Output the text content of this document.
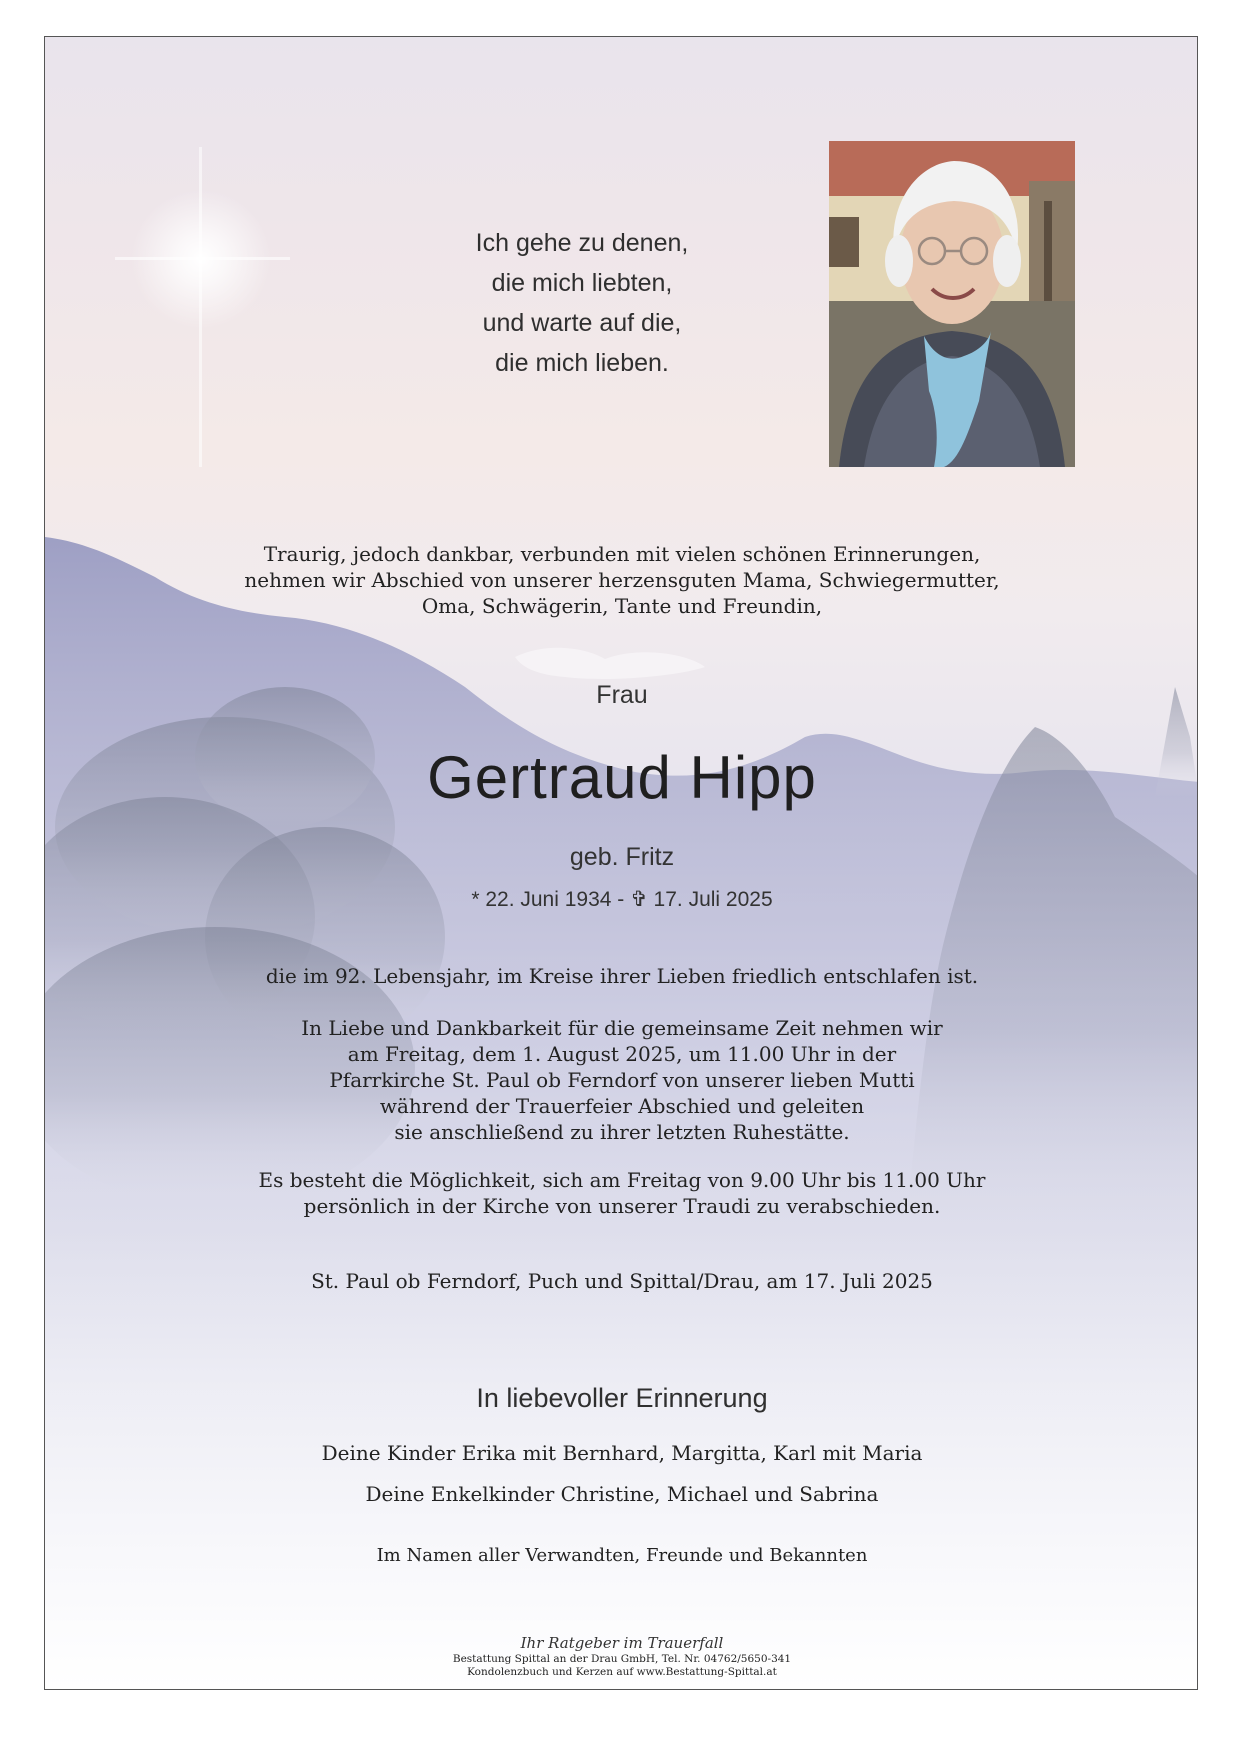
Ich gehe zu denen,
die mich liebten,
und warte auf die,
die mich lieben.
Traurig, jedoch dankbar, verbunden mit vielen schönen Erinnerungen,
nehmen wir Abschied von unserer herzensguten Mama, Schwiegermutter,
Oma, Schwägerin, Tante und Freundin,
Frau
Gertraud Hipp
geb. Fritz
* 22. Juni 1934 - ✞ 17. Juli 2025
die im 92. Lebensjahr, im Kreise ihrer Lieben friedlich entschlafen ist.
In Liebe und Dankbarkeit für die gemeinsame Zeit nehmen wir
am Freitag, dem 1. August 2025, um 11.00 Uhr in der
Pfarrkirche St. Paul ob Ferndorf von unserer lieben Mutti
während der Trauerfeier Abschied und geleiten
sie anschließend zu ihrer letzten Ruhestätte.
Es besteht die Möglichkeit, sich am Freitag von 9.00 Uhr bis 11.00 Uhr
persönlich in der Kirche von unserer Traudi zu verabschieden.
St. Paul ob Ferndorf, Puch und Spittal/Drau, am 17. Juli 2025
In liebevoller Erinnerung
Deine Kinder Erika mit Bernhard, Margitta, Karl mit Maria
Deine Enkelkinder Christine, Michael und Sabrina
Im Namen aller Verwandten, Freunde und Bekannten
Ihr Ratgeber im Trauerfall
Bestattung Spittal an der Drau GmbH, Tel. Nr. 04762/5650-341
Kondolenzbuch und Kerzen auf www.Bestattung-Spittal.at
